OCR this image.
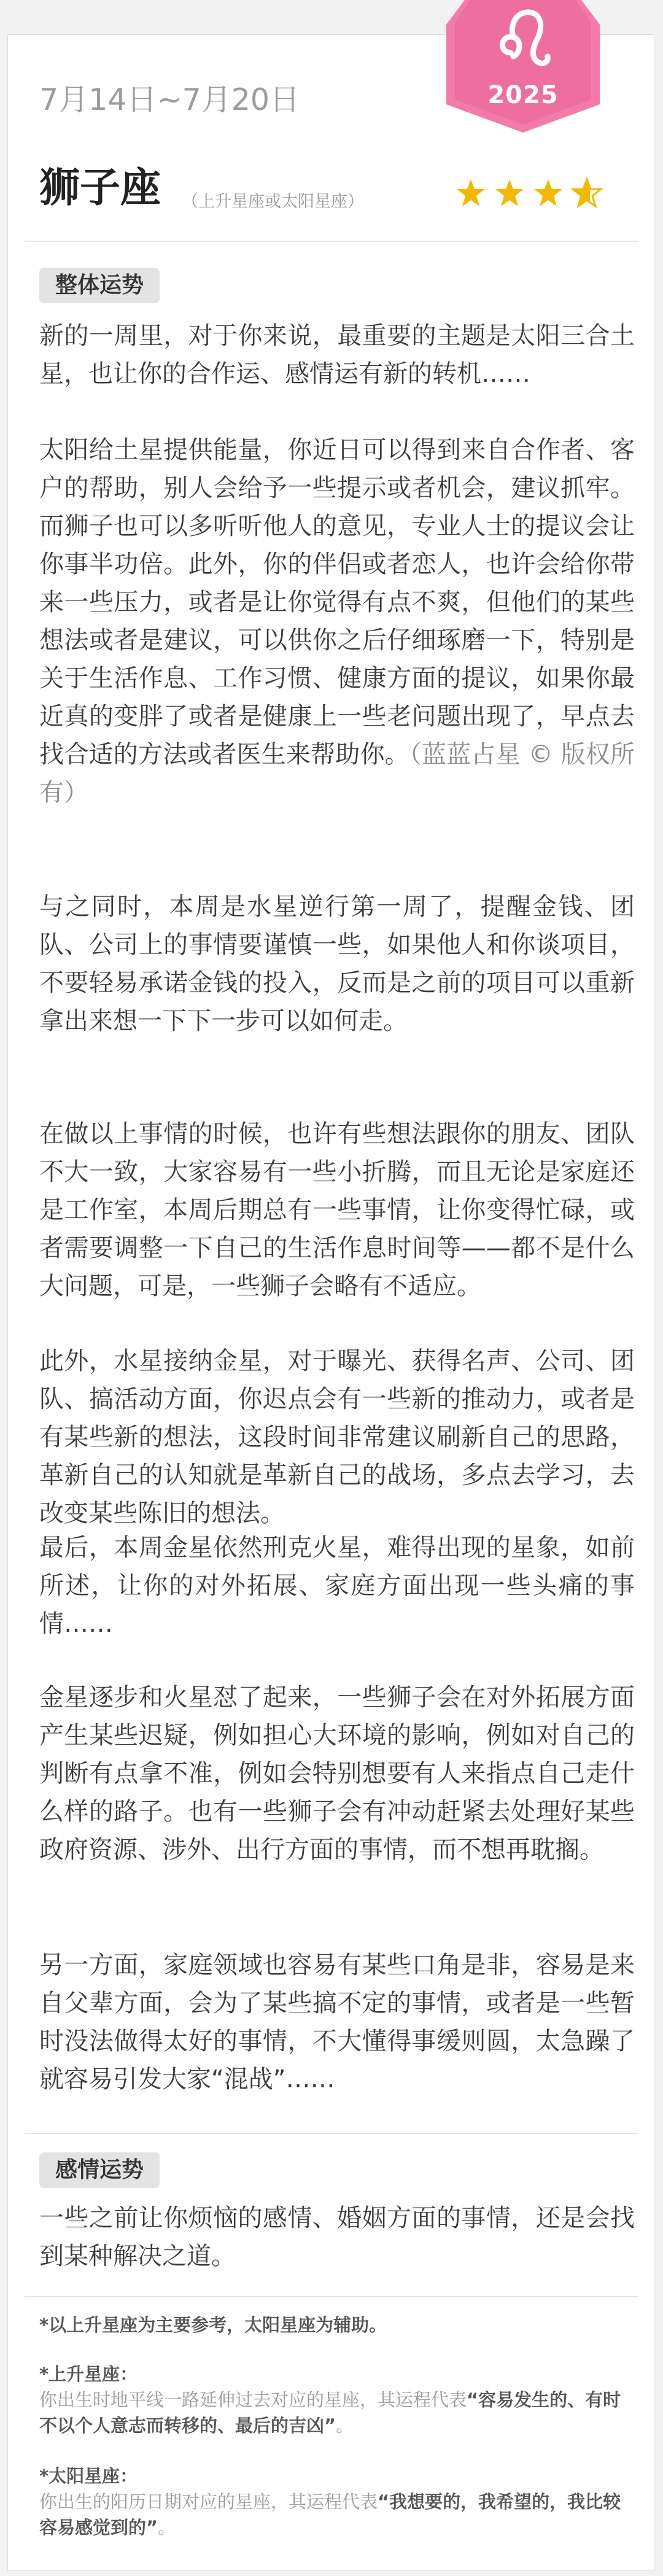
2025
7月14日~7月20日
狮子座 （上升星座或太阳星座）
整体运势
新的一周里，对于你来说，最重要的主题是太阳三合土星，也让你的合作运、感情运有新的转机……
太阳给土星提供能量，你近日可以得到来自合作者、客户的帮助，别人会给予一些提示或者机会，建议抓牢。而狮子也可以多听听他人的意见，专业人士的提议会让你事半功倍。此外，你的伴侣或者恋人，也许会给你带来一些压力，或者是让你觉得有点不爽，但他们的某些想法或者是建议，可以供你之后仔细琢磨一下，特别是关于生活作息、工作习惯、健康方面的提议，如果你最近真的变胖了或者是健康上一些老问题出现了，早点去找合适的方法或者医生来帮助你。（蓝蓝占星 © 版权所有）
与之同时，本周是水星逆行第一周了，提醒金钱、团队、公司上的事情要谨慎一些，如果他人和你谈项目，不要轻易承诺金钱的投入，反而是之前的项目可以重新拿出来想一下下一步可以如何走。
在做以上事情的时候，也许有些想法跟你的朋友、团队不大一致，大家容易有一些小折腾，而且无论是家庭还是工作室，本周后期总有一些事情，让你变得忙碌，或者需要调整一下自己的生活作息时间等——都不是什么大问题，可是，一些狮子会略有不适应。
此外，水星接纳金星，对于曝光、获得名声、公司、团队、搞活动方面，你迟点会有一些新的推动力，或者是有某些新的想法，这段时间非常建议刷新自己的思路，革新自己的认知就是革新自己的战场，多点去学习，去改变某些陈旧的想法。
最后，本周金星依然刑克火星，难得出现的星象，如前所述，让你的对外拓展、家庭方面出现一些头痛的事情……
金星逐步和火星怼了起来，一些狮子会在对外拓展方面产生某些迟疑，例如担心大环境的影响，例如对自己的判断有点拿不准，例如会特别想要有人来指点自己走什么样的路子。也有一些狮子会有冲动赶紧去处理好某些政府资源、涉外、出行方面的事情，而不想再耽搁。
另一方面，家庭领域也容易有某些口角是非，容易是来自父辈方面，会为了某些搞不定的事情，或者是一些暂时没法做得太好的事情，不大懂得事缓则圆，太急躁了就容易引发大家“混战”……
感情运势
一些之前让你烦恼的感情、婚姻方面的事情，还是会找到某种解决之道。
*以上升星座为主要参考，太阳星座为辅助。
*上升星座：
你出生时地平线一路延伸过去对应的星座，其运程代表“容易发生的、有时不以个人意志而转移的、最后的吉凶”。
*太阳星座：
你出生的阳历日期对应的星座，其运程代表“我想要的，我希望的，我比较容易感觉到的”。
